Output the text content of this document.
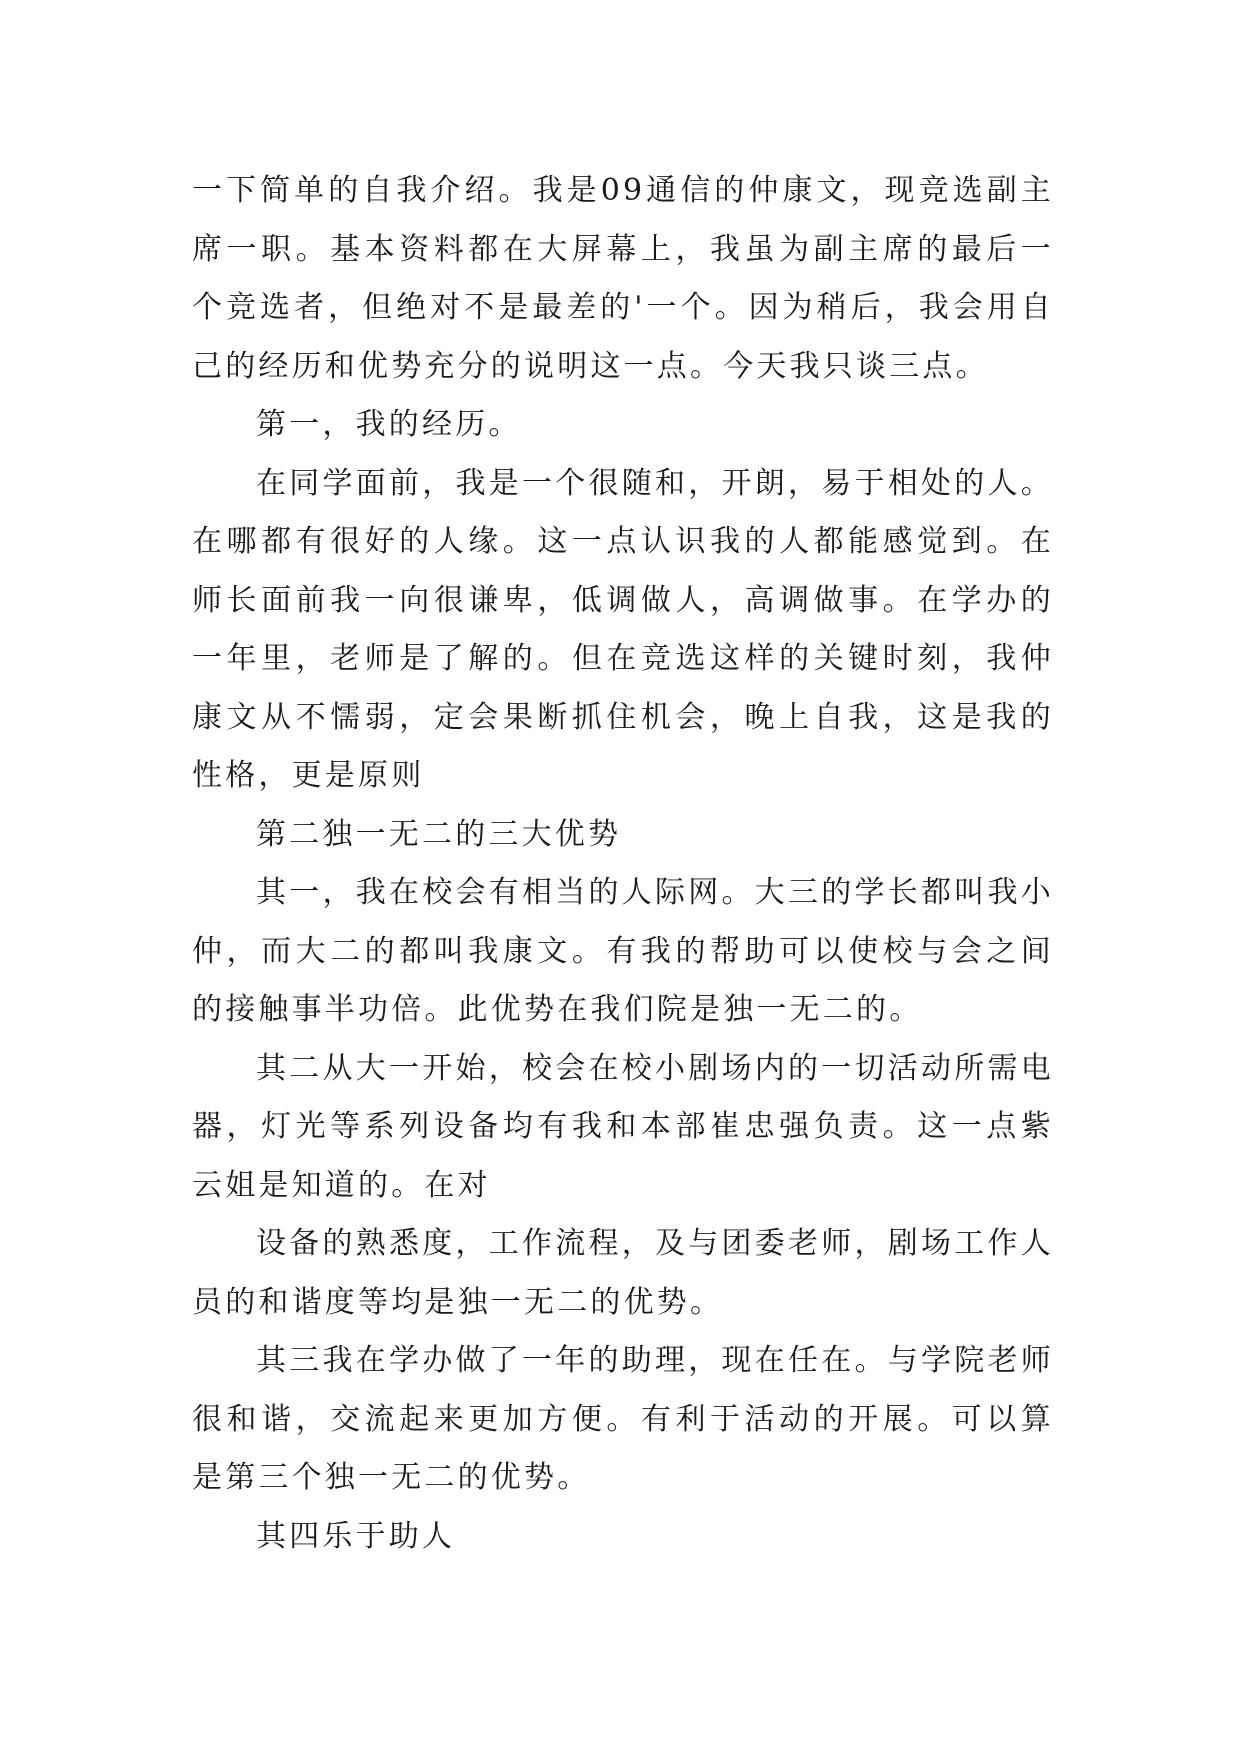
一下简单的自我介绍。我是09通信的仲康文，现竞选副主席一职。基本资料都在大屏幕上，我虽为副主席的最后一个竞选者，但绝对不是最差的'一个。因为稍后，我会用自己的经历和优势充分的说明这一点。今天我只谈三点。

第一，我的经历。

在同学面前，我是一个很随和，开朗，易于相处的人。在哪都有很好的人缘。这一点认识我的人都能感觉到。在师长面前我一向很谦卑，低调做人，高调做事。在学办的一年里，老师是了解的。但在竞选这样的关键时刻，我仲康文从不懦弱，定会果断抓住机会，晚上自我，这是我的性格，更是原则

第二独一无二的三大优势

其一，我在校会有相当的人际网。大三的学长都叫我小仲，而大二的都叫我康文。有我的帮助可以使校与会之间的接触事半功倍。此优势在我们院是独一无二的。

其二从大一开始，校会在校小剧场内的一切活动所需电器，灯光等系列设备均有我和本部崔忠强负责。这一点紫云姐是知道的。在对

设备的熟悉度，工作流程，及与团委老师，剧场工作人员的和谐度等均是独一无二的优势。

其三我在学办做了一年的助理，现在任在。与学院老师很和谐，交流起来更加方便。有利于活动的开展。可以算是第三个独一无二的优势。

其四乐于助人
